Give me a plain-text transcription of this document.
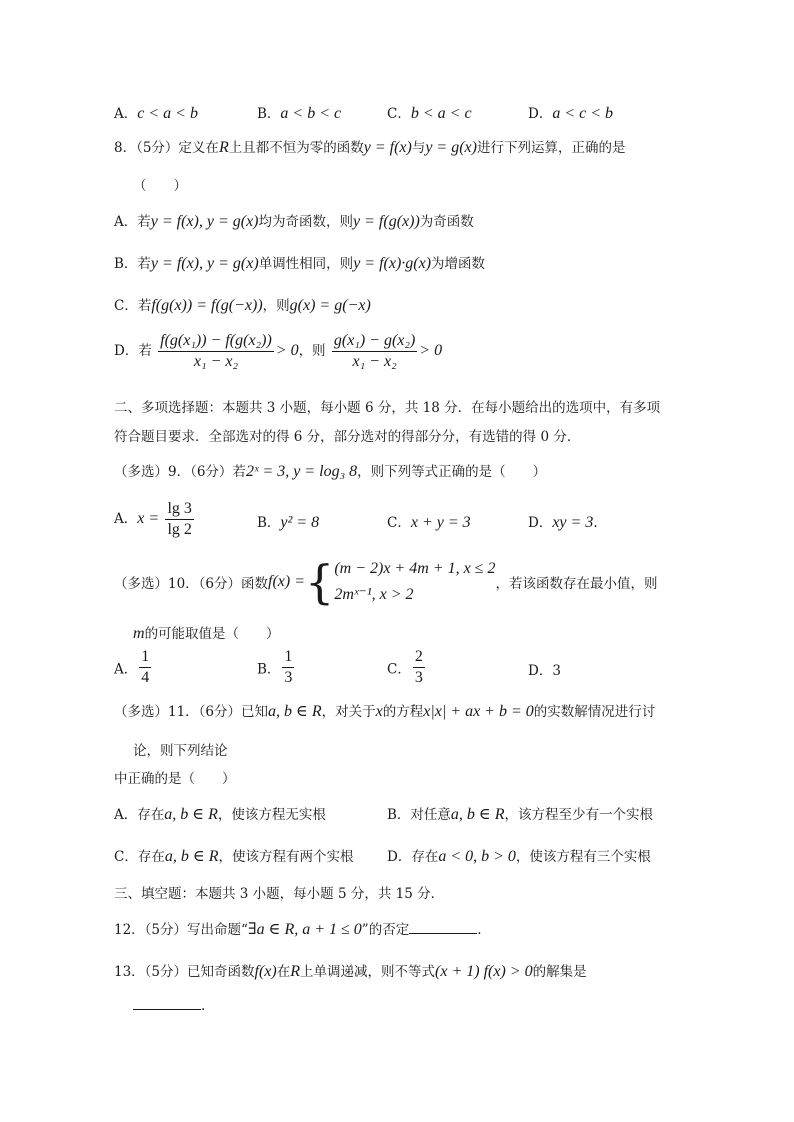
A．c < a < b	B．a < b < c	C．b < a < c	D．a < c < b
8．（5分）定义在R上且都不恒为零的函数y = f(x)与y = g(x)进行下列运算，正确的是
（　　）
A．若y = f(x), y = g(x)均为奇函数，则y = f(g(x))为奇函数
B．若y = f(x), y = g(x)单调性相同，则y = f(x)·g(x)为增函数
C．若f(g(x)) = f(g(−x))，则g(x) = g(−x)
D．若 $\frac{\text{f(g(x₁)) − f(g(x₂))}}{\text{x₁ − x₂}} > 0$，则 $\frac{\text{g(x₁) − g(x₂)}}{\text{x₁ − x₂}} > 0$
二、多项选择题：本题共 3 小题，每小题 6 分，共 18 分．在每小题给出的选项中，有多项
符合题目要求．全部选对的得 6 分，部分选对的得部分分，有选错的得 0 分．
（多选）9．（6分）若2ˣ = 3, y = log₃ 8，则下列等式正确的是（　　）
A．$x = \frac{\lg 3}{\lg 2}$	B．y² = 8	C．x + y = 3	D．xy = 3.
（多选）10．（6分）函数f(x) ={ (m − 2)x + 4m + 1, x ≤ 2
2mˣ⁻¹, x > 2
，若该函数存在最小值，则
m的可能取值是（　　）
A． $\frac{1}{4}$	B． $\frac{1}{3}$	C． $\frac{2}{3}$	D．3
（多选）11．（6分）已知a, b ∈ R，对关于x的方程x|x| + ax + b = 0的实数解情况进行讨
论，则下列结论
中正确的是（　　）
A．存在a, b ∈ R，使该方程无实根	B．对任意a, b ∈ R，该方程至少有一个实根
C．存在a, b ∈ R，使该方程有两个实根 D．存在a < 0, b > 0，使该方程有三个实根
三、填空题：本题共 3 小题，每小题 5 分，共 15 分．
12．（5分）写出命题“∃a ∈ R, a + 1 ≤ 0”的否定	.
13．（5分）已知奇函数f(x)在R上单调递减，则不等式(x + 1) f(x) > 0的解集是
.
